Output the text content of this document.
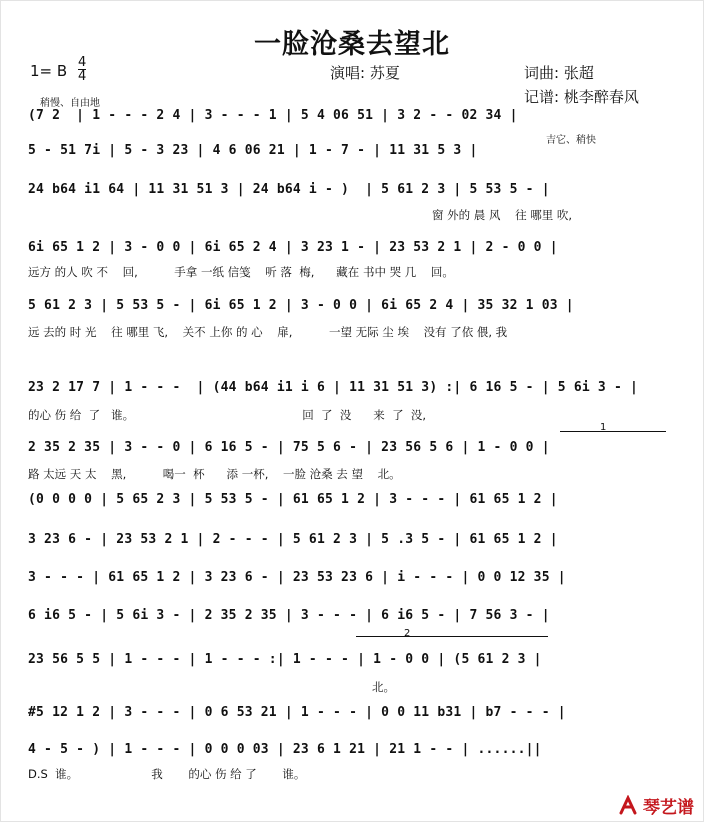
一脸沧桑去望北
1= B 4
4	演唱: 苏夏	词曲: 张超
记谱: 桃李醉春风
稍慢、自由地
吉它、稍快
(7 2  | 1 - - - 2 4 | 3 - - - 1 | 5 4 06 51 | 3 2 - - 02 34 |
5 - 51 7i | 5 - 3 23 | 4 6 06 21 | 1 - 7 - | 11 31 5 3 |
24 b64 i1 64 | 11 31 51 3 | 24 b64 i - )  | 5 61 2 3 | 5 53 5 - |
窗 外的 晨 风    往 哪里 吹,
6i 65 1 2 | 3 - 0 0 | 6i 65 2 4 | 3 23 1 - | 23 53 2 1 | 2 - 0 0 |
远方 的人 吹 不    回,          手拿 一纸 信笺    听 落  梅,      藏在 书中 哭 几    回。
5 61 2 3 | 5 53 5 - | 6i 65 1 2 | 3 - 0 0 | 6i 65 2 4 | 35 32 1 03 |
远 去的 时 光    往 哪里 飞,    关不 上你 的 心    扉,          一望 无际 尘 埃    没有 了依 偎, 我
23 2 17 7 | 1 - - -  | (44 b64 i1 i 6 | 11 31 51 3) :| 6 16 5 - | 5 6i 3 - |
的心 伤 给  了   谁。                                              回  了  没      来  了  没,
1
2 35 2 35 | 3 - - 0 | 6 16 5 - | 75 5 6 - | 23 56 5 6 | 1 - 0 0 |
路 太远 天 太    黑,          喝一  杯      添 一杯,    一脸 沧桑 去 望    北。
(0 0 0 0 | 5 65 2 3 | 5 53 5 - | 61 65 1 2 | 3 - - - | 61 65 1 2 |
3 23 6 - | 23 53 2 1 | 2 - - - | 5 61 2 3 | 5 .3 5 - | 61 65 1 2 |
3 - - - | 61 65 1 2 | 3 23 6 - | 23 53 23 6 | i - - - | 0 0 12 35 |
6 i6 5 - | 5 6i 3 - | 2 35 2 35 | 3 - - - | 6 i6 5 - | 7 56 3 - |
2
23 56 5 5 | 1 - - - | 1 - - - :| 1 - - - | 1 - 0 0 | (5 61 2 3 |
北。
#5 12 1 2 | 3 - - - | 0 6 53 21 | 1 - - - | 0 0 11 b31 | b7 - - - |
4 - 5 - ) | 1 - - - | 0 0 0 03 | 23 6 1 21 | 21 1 - - | ......||
D.S  谁。                    我       的心 伤 给 了       谁。
琴艺谱
